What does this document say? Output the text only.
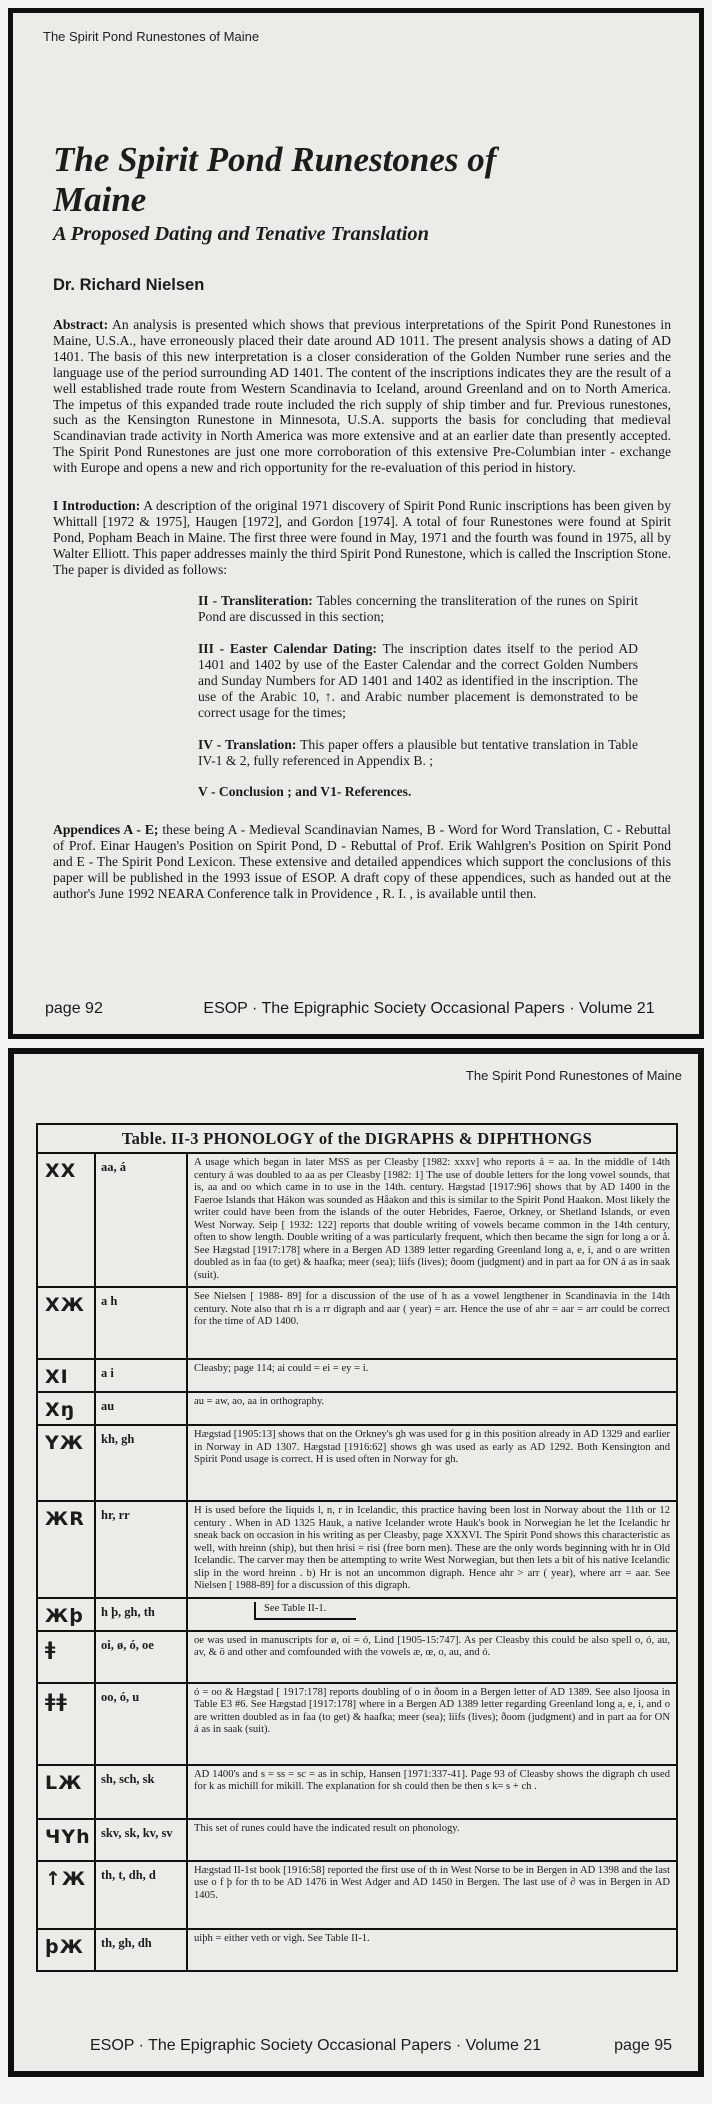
The Spirit Pond Runestones of Maine
The Spirit Pond Runestones of Maine
A Proposed Dating and Tenative Translation
Dr. Richard Nielsen

Abstract: An analysis is presented which shows that previous interpretations of the Spirit Pond Runestones in Maine, U.S.A., have erroneously placed their date around AD 1011. The present analysis shows a dating of AD 1401. The basis of this new interpretation is a closer consideration of the Golden Number rune series and the language use of the period surrounding AD 1401. The content of the inscriptions indicates they are the result of a well established trade route from Western Scandinavia to Iceland, around Greenland and on to North America. The impetus of this expanded trade route included the rich supply of ship timber and fur. Previous runestones, such as the Kensington Runestone in Minnesota, U.S.A. supports the basis for concluding that medieval Scandinavian trade activity in North America was more extensive and at an earlier date than presently accepted. The Spirit Pond Runestones are just one more corroboration of this extensive Pre-Columbian inter - exchange with Europe and opens a new and rich opportunity for the re-evaluation of this period in history.

I Introduction: A description of the original 1971 discovery of Spirit Pond Runic inscriptions has been given by Whittall [1972 & 1975], Haugen [1972], and Gordon [1974]. A total of four Runestones were found at Spirit Pond, Popham Beach in Maine. The first three were found in May, 1971 and the fourth was found in 1975, all by Walter Elliott. This paper addresses mainly the third Spirit Pond Runestone, which is called the Inscription Stone. The paper is divided as follows:

II - Transliteration: Tables concerning the transliteration of the runes on Spirit Pond are discussed in this section;

III - Easter Calendar Dating: The inscription dates itself to the period AD 1401 and 1402 by use of the Easter Calendar and the correct Golden Numbers and Sunday Numbers for AD 1401 and 1402 as identified in the inscription. The use of the Arabic 10, ↑. and Arabic number placement is demonstrated to be correct usage for the times;

IV - Translation: This paper offers a plausible but tentative translation in Table IV-1 & 2, fully referenced in Appendix B. ;

V - Conclusion ; and V1- References.

Appendices A - E; these being A - Medieval Scandinavian Names, B - Word for Word Translation, C - Rebuttal of Prof. Einar Haugen's Position on Spirit Pond, D - Rebuttal of Prof. Erik Wahlgren's Position on Spirit Pond and E - The Spirit Pond Lexicon. These extensive and detailed appendices which support the conclusions of this paper will be published in the 1993 issue of ESOP. A draft copy of these appendices, such as handed out at the author's June 1992 NEARA Conference talk in Providence , R. I. , is available until then.

page 92	ESOP · The Epigraphic Society Occasional Papers · Volume 21
The Spirit Pond Runestones of Maine
Table. II-3 PHONOLOGY of the DIGRAPHS & DIPHTHONGS
XX	aa, á	A usage which began in later MSS as per Cleasby [1982: xxxv] who reports á = aa. In the middle of 14th century á was doubled to aa as per Cleasby [1982: 1] The use of double letters for the long vowel sounds, that is, aa and oo which came in to use in the 14th. century. Hægstad [1917:96] shows that by AD 1400 in the Faeroe Islands that Hákon was sounded as Håakon and this is similar to the Spirit Pond Haakon. Most likely the writer could have been from the islands of the outer Hebrides, Faeroe, Orkney, or Shetland Islands, or even West Norway. Seip [ 1932: 122] reports that double writing of vowels became common in the 14th century, often to show length. Double writing of a was particularly frequent, which then became the sign for long a or å. See Hægstad [1917:178] where in a Bergen AD 1389 letter regarding Greenland long a, e, i, and o are written doubled as in faa (to get) & haafka; meer (sea); liifs (lives); ðoom (judgment) and in part aa for ON á as in saak (suit).
XЖ	a h	See Nielsen [ 1988- 89] for a discussion of the use of h as a vowel lengthener in Scandinavia in the 14th century. Note also that rh is a rr digraph and aar ( year) = arr. Hence the use of ahr = aar = arr could be correct for the time of AD 1400.
XI	a i	Cleasby; page 114; ai could = ei = ey = i.
Xŋ	au	au = aw, ao, aa in orthography.
YЖ	kh, gh	Hægstad [1905:13] shows that on the Orkney's gh was used for g in this position already in AD 1329 and earlier in Norway in AD 1307. Hægstad [1916:62] shows gh was used as early as AD 1292. Both Kensington and Spirit Pond usage is correct. H is used often in Norway for gh.
ЖR	hr, rr	H is used before the liquids l, n, r in Icelandic, this practice having been lost in Norway about the 11th or 12 century . When in AD 1325 Hauk, a native Icelander wrote Hauk's book in Norwegian he let the Icelandic hr sneak back on occasion in his writing as per Cleasby, page XXXVI. The Spirit Pond shows this characteristic as well, with hreinn (ship), but then hrisi = risi (free born men). These are the only words beginning with hr in Old Icelandic. The carver may then be attempting to write West Norwegian, but then lets a bit of his native Icelandic slip in the word hreinn . b) Hr is not an uncommon digraph. Hence ahr > arr ( year), where arr = aar. See Nielsen [ 1988-89] for a discussion of this digraph.
Жþ	h þ, gh, th	See Table II-1.
ǂ	oi, ø, ó, oe	oe was used in manuscripts for ø, oi = ó, Lind [1905-15:747]. As per Cleasby this could be also spell o, ó, au, av, & ö and other and comfounded with the vowels æ, œ, o, au, and ó.
ǂǂ	oo, ó, u	ó = oo & Hægstad [ 1917:178] reports doubling of o in ðoom in a Bergen letter of AD 1389. See also ljoosa in Table E3 #6. See Hægstad [1917:178] where in a Bergen AD 1389 letter regarding Greenland long a, e, i, and o are written doubled as in faa (to get) & haafka; meer (sea); liifs (lives); ðoom (judgment) and in part aa for ON á as in saak (suit).
LЖ	sh, sch, sk	AD 1400's and s = ss = sc = as in schip, Hansen [1971:337-41]. Page 93 of Cleasby shows the digraph ch used for k as michill for mikill. The explanation for sh could then be then s k= s + ch .
ЧYh skv, sk, kv, sv	This set of runes could have the indicated result on phonology.
↑Ж	th, t, dh, d	Hægstad II-1st book [1916:58] reported the first use of th in West Norse to be in Bergen in AD 1398 and the last use o f þ for th to be AD 1476 in West Adger and AD 1450 in Bergen. The last use of ∂ was in Bergen in AD 1405.
þЖ	th, gh, dh	uiþh = either veth or vigh. See Table II-1.
ESOP · The Epigraphic Society Occasional Papers · Volume 21	page 95
